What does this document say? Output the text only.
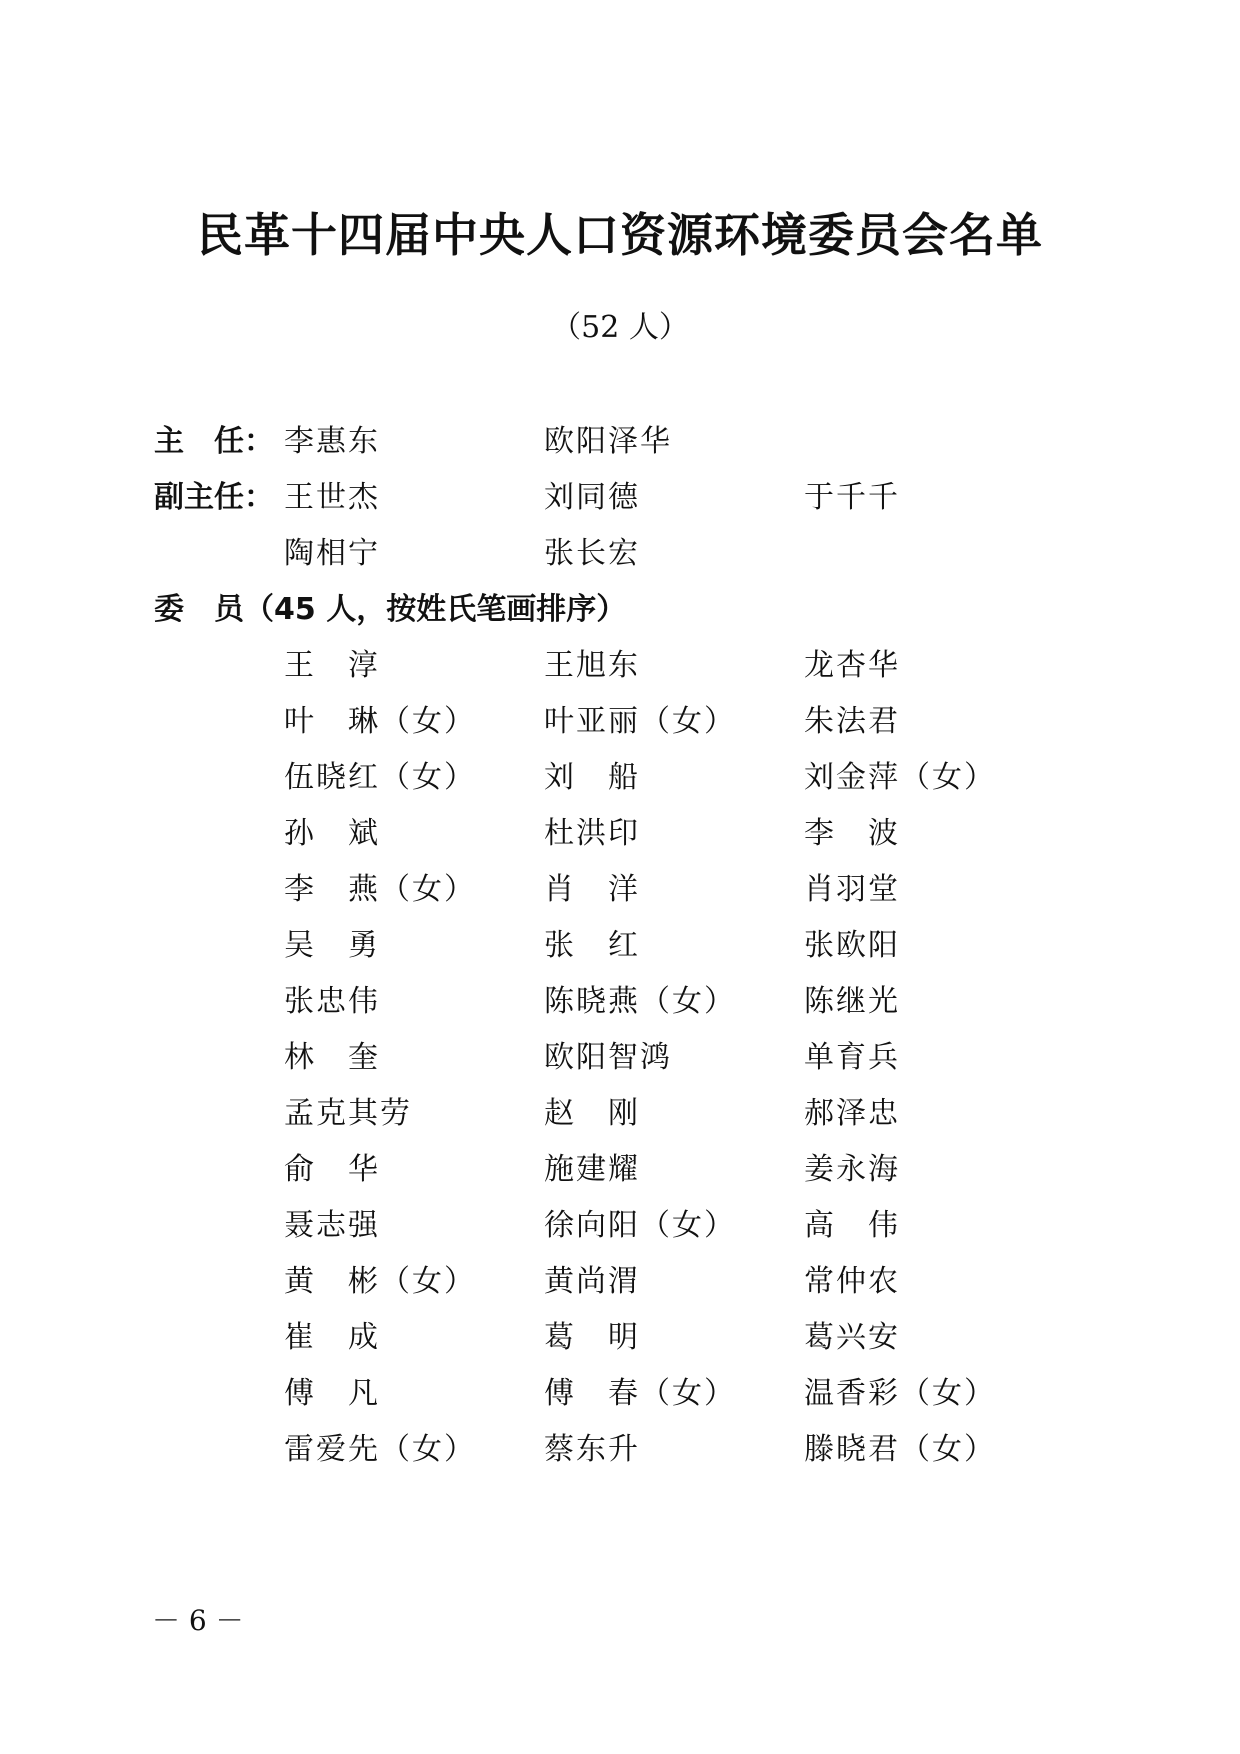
民革十四届中央人口资源环境委员会名单
（52 人）
主　任： 李惠东	欧阳泽华
副主任： 王世杰	刘同德	于千千
陶相宁	张长宏
委　员（45 人，按姓氏笔画排序）
王　淳	王旭东	龙杏华
叶　琳（女） 叶亚丽（女） 朱法君
伍晓红（女） 刘　船	刘金萍（女）
孙　斌	杜洪印	李　波
李　燕（女） 肖　洋	肖羽堂
吴　勇	张　红	张欧阳
张忠伟	陈晓燕（女） 陈继光
林　奎	欧阳智鸿	单育兵
孟克其劳	赵　刚	郝泽忠
俞　华	施建耀	姜永海
聂志强	徐向阳（女） 高　伟
黄　彬（女） 黄尚渭	常仲农
崔　成	葛　明	葛兴安
傅　凡	傅　春（女） 温香彩（女）
雷爱先（女） 蔡东升	滕晓君（女）
－ 6 －
